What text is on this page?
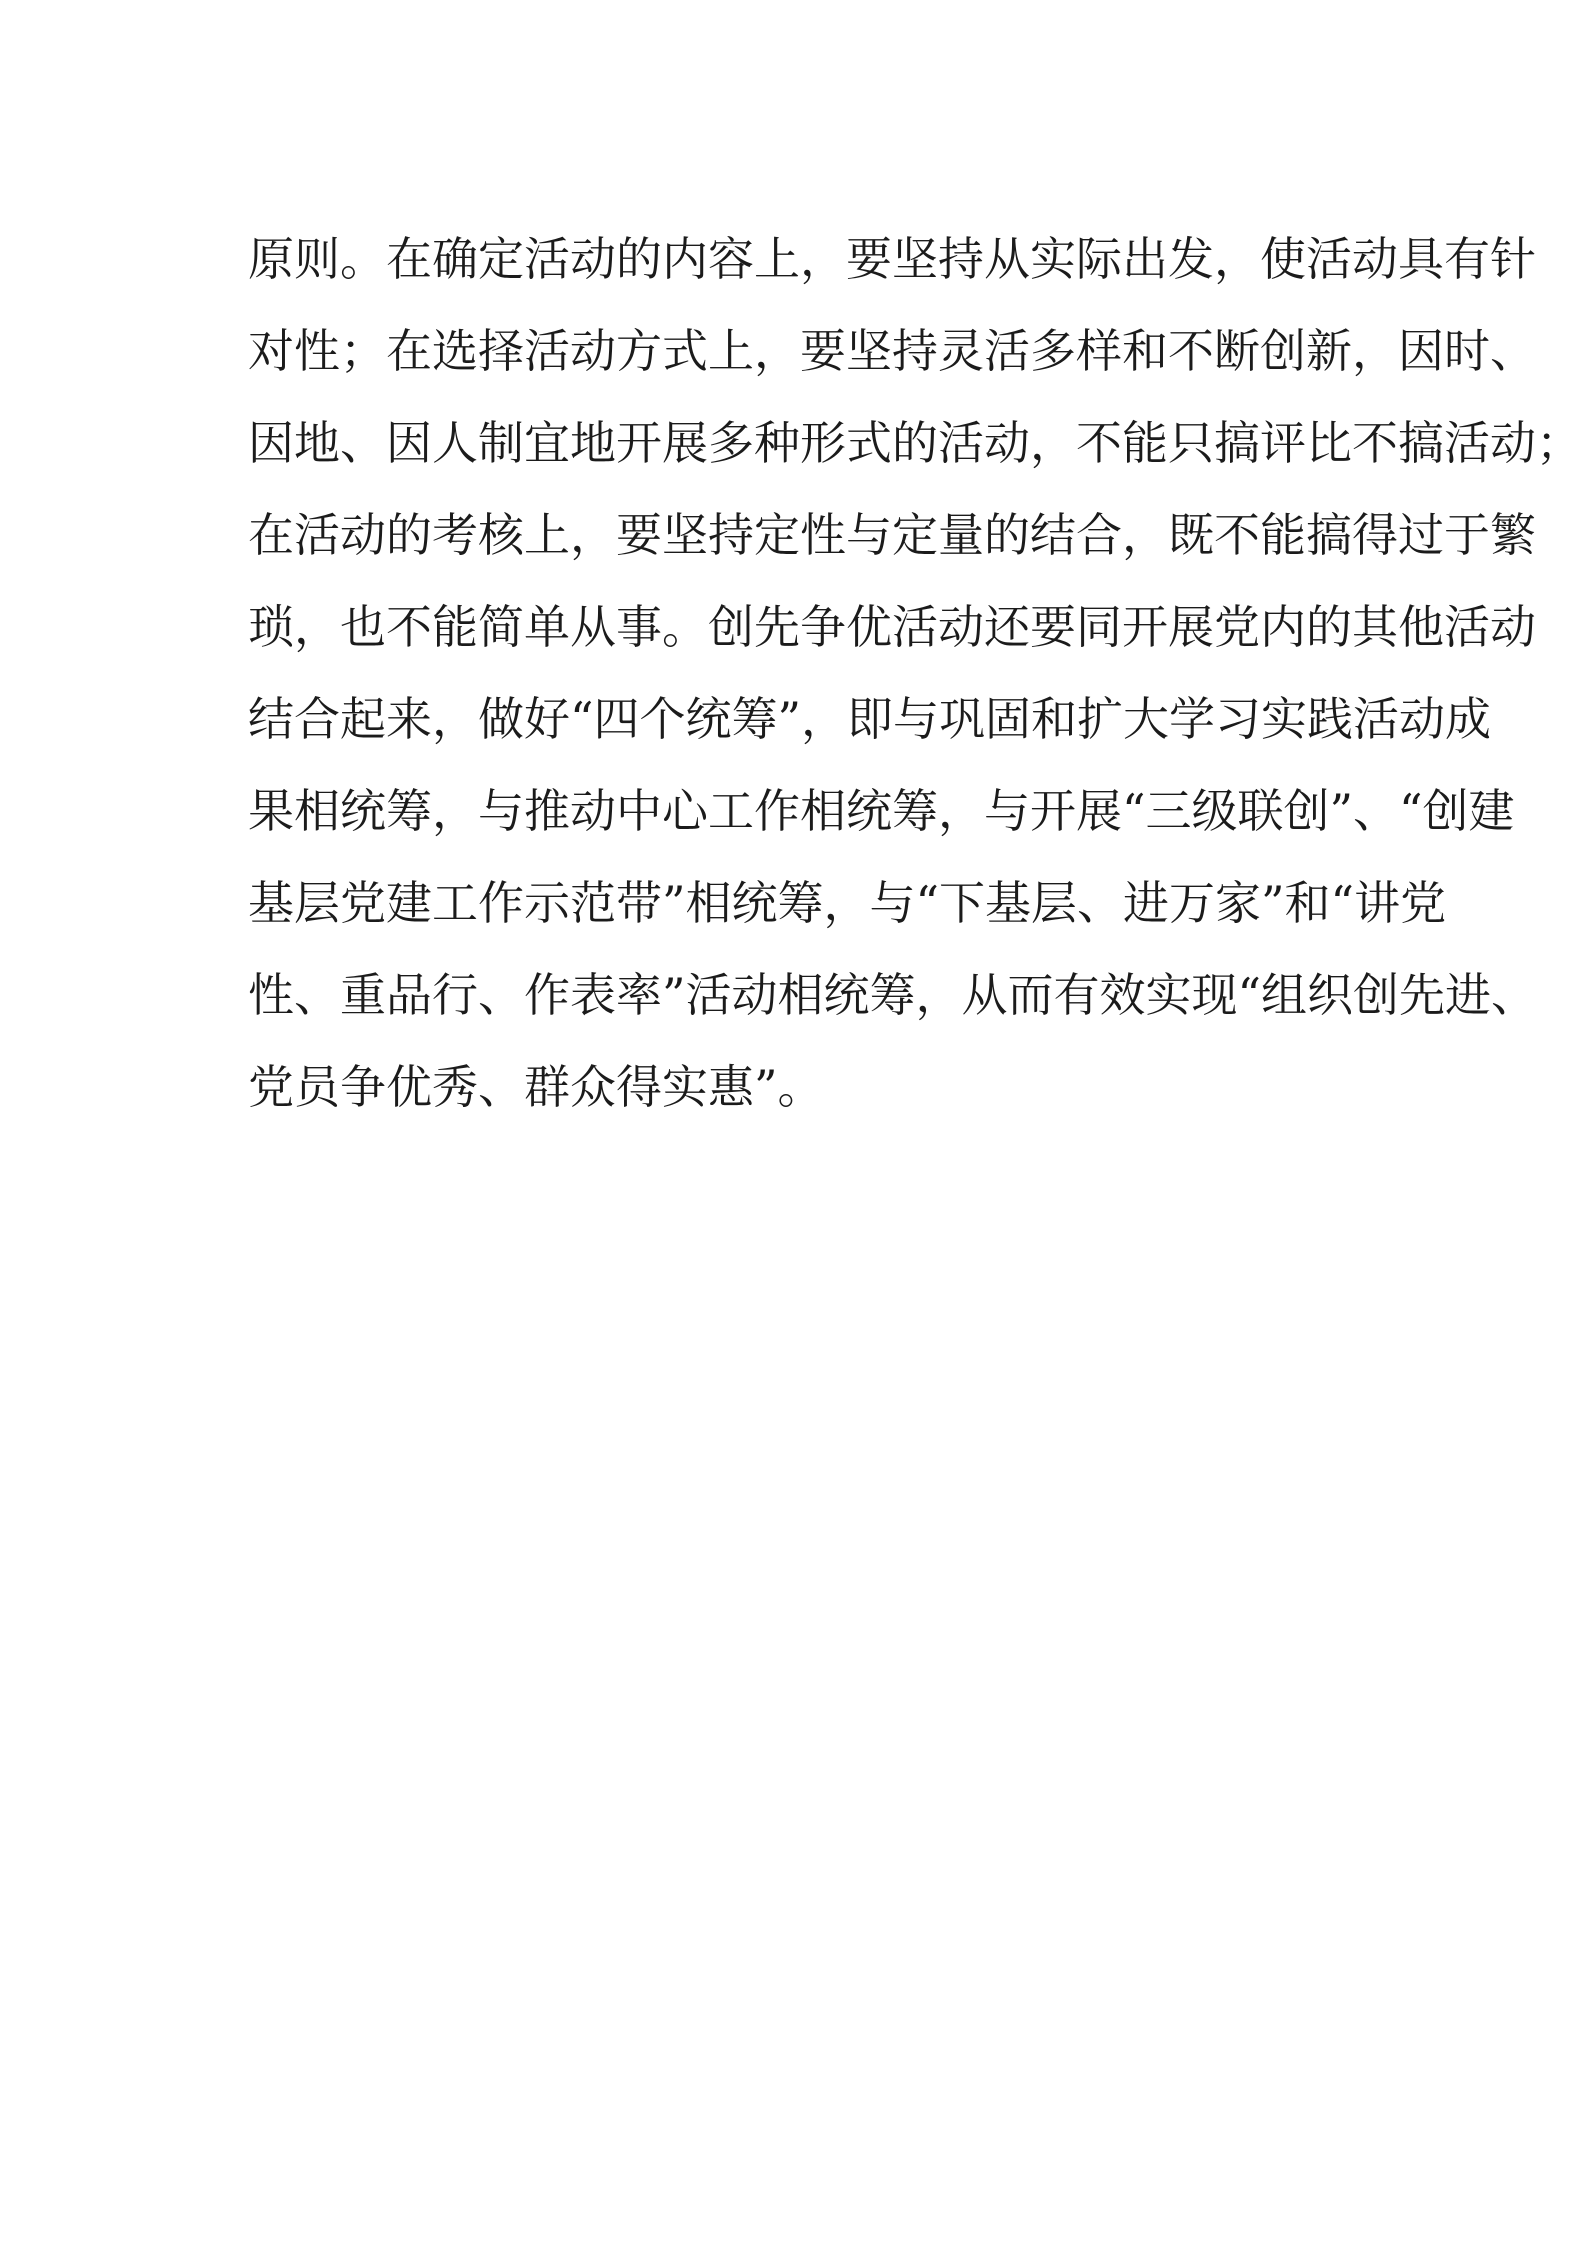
原则。在确定活动的内容上，要坚持从实际出发，使活动具有针
对性；在选择活动方式上，要坚持灵活多样和不断创新，因时、
因地、因人制宜地开展多种形式的活动，不能只搞评比不搞活动；
在活动的考核上，要坚持定性与定量的结合，既不能搞得过于繁
琐，也不能简单从事。创先争优活动还要同开展党内的其他活动
结合起来，做好“四个统筹”，即与巩固和扩大学习实践活动成
果相统筹，与推动中心工作相统筹，与开展“三级联创”、“创建
基层党建工作示范带”相统筹，与“下基层、进万家”和“讲党
性、重品行、作表率”活动相统筹，从而有效实现“组织创先进、
党员争优秀、群众得实惠”。
